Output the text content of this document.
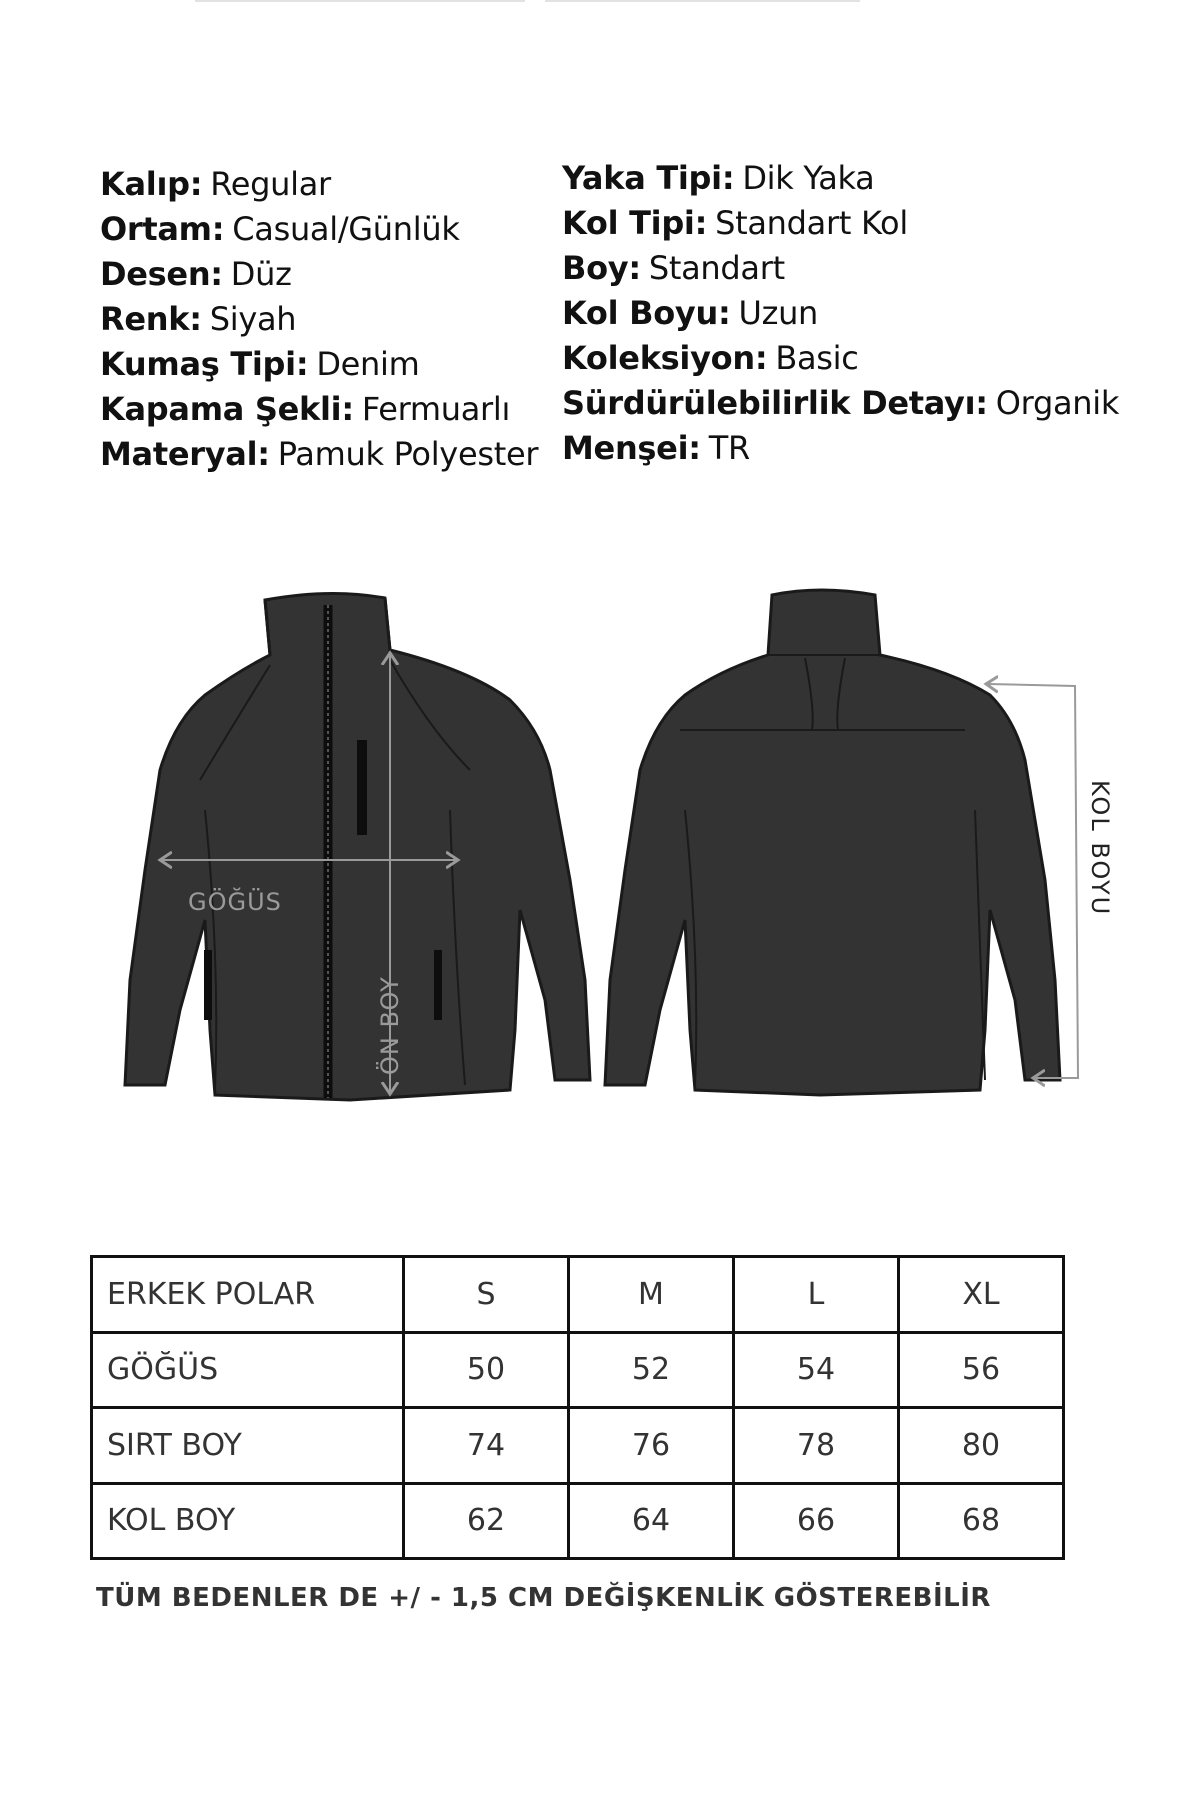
Kalıp: Regular
Ortam: Casual/Günlük
Desen: Düz
Renk: Siyah
Kumaş Tipi: Denim
Kapama Şekli: Fermuarlı
Materyal: Pamuk Polyester
Yaka Tipi: Dik Yaka
Kol Tipi: Standart Kol
Boy: Standart
Kol Boyu: Uzun
Koleksiyon: Basic
Sürdürülebilirlik Detayı: Organik
Menşei: TR
GÖĞÜS
ÖN BOY
KOL BOYU
ERKEK POLAR	S	M	L	XL
GÖĞÜS	50	52	54	56
SIRT BOY	74	76	78	80
KOL BOY	62	64	66	68
TÜM BEDENLER DE +/ - 1,5 CM DEĞİŞKENLİK GÖSTEREBİLİR
